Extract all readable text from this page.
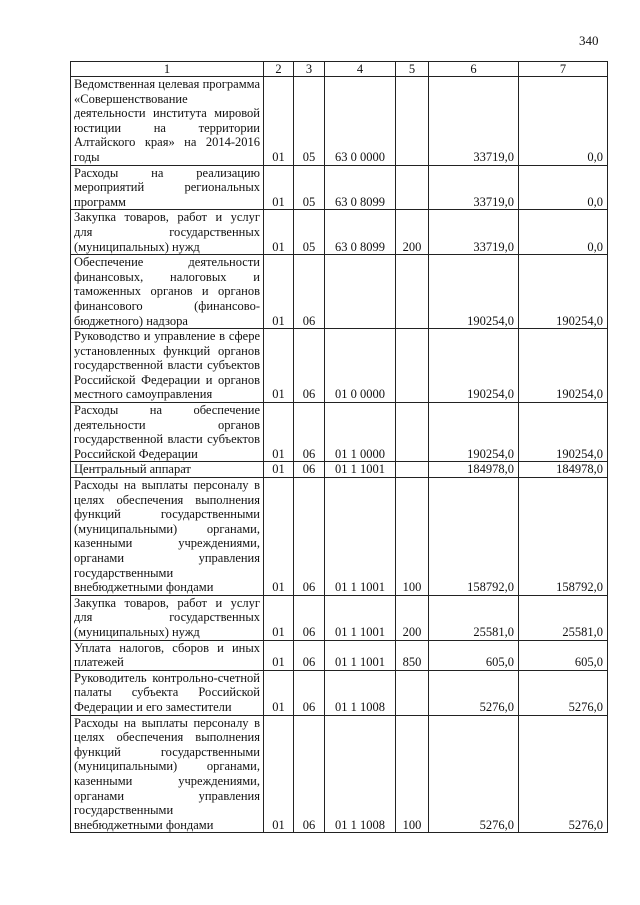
340
1	2	3	4	5	6	7
Ведомственная целевая программа «Совершенствование деятельности института мировой юстиции на территории Алтайского края» на 2014-2016 годы	01	05	63 0 0000		33719,0	0,0
Расходы на реализацию мероприятий региональных программ	01	05	63 0 8099		33719,0	0,0
Закупка товаров, работ и услуг для государственных (муниципальных) нужд	01	05	63 0 8099	200	33719,0	0,0
Обеспечение деятельности финансовых, налоговых и таможенных органов и органов финансового (финансово-бюджетного) надзора	01	06			190254,0	190254,0
Руководство и управление в сфере установленных функций органов государственной власти субъектов Российской Федерации и органов местного самоуправления	01	06	01 0 0000		190254,0	190254,0
Расходы на обеспечение деятельности органов государственной власти субъектов Российской Федерации	01	06	01 1 0000		190254,0	190254,0
Центральный аппарат	01	06	01 1 1001		184978,0	184978,0
Расходы на выплаты персоналу в целях обеспечения выполнения функций государственными (муниципальными) органами, казенными учреждениями, органами управления государственными внебюджетными фондами	01	06	01 1 1001	100	158792,0	158792,0
Закупка товаров, работ и услуг для государственных (муниципальных) нужд	01	06	01 1 1001	200	25581,0	25581,0
Уплата налогов, сборов и иных платежей	01	06	01 1 1001	850	605,0	605,0
Руководитель контрольно-счетной палаты субъекта Российской Федерации и его заместители	01	06	01 1 1008		5276,0	5276,0
Расходы на выплаты персоналу в целях обеспечения выполнения функций государственными (муниципальными) органами, казенными учреждениями, органами управления государственными внебюджетными фондами	01	06	01 1 1008	100	5276,0	5276,0
